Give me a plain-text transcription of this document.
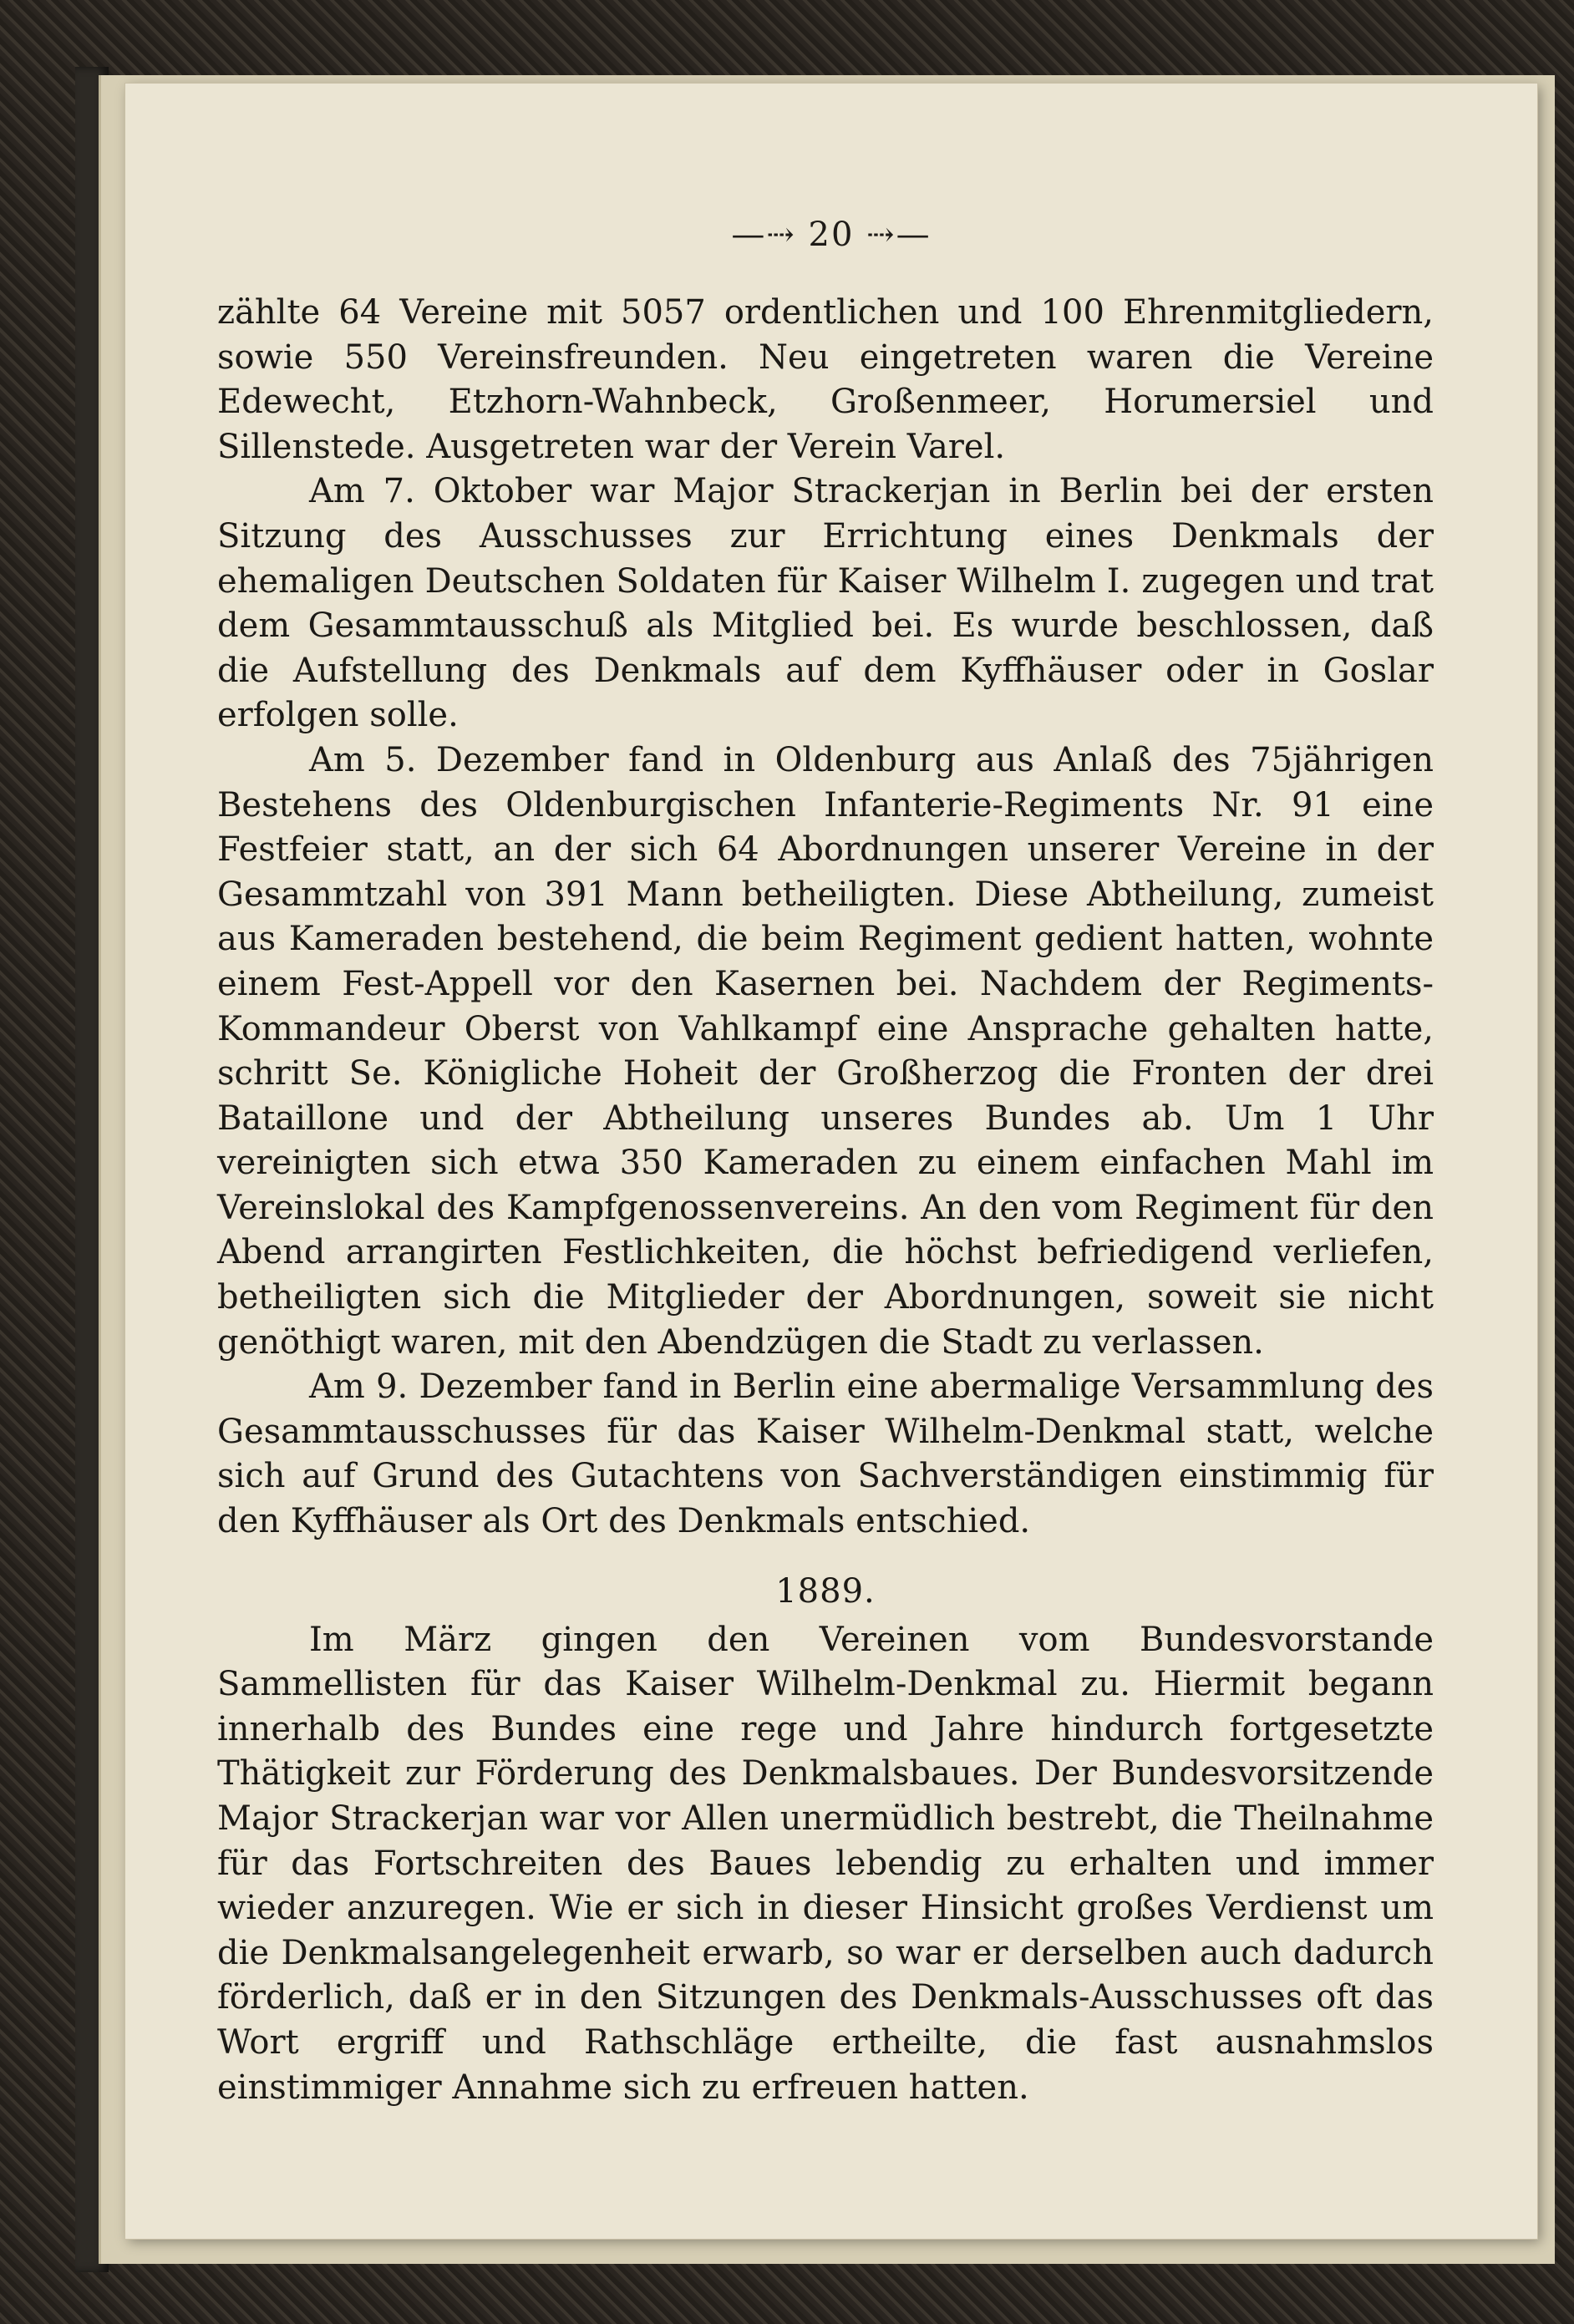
—⇢ 20 ⇢—

zählte 64 Vereine mit 5057 ordentlichen und 100 Ehrenmitgliedern, sowie 550 Vereinsfreunden. Neu eingetreten waren die Vereine Edewecht, Etzhorn-Wahnbeck, Großenmeer, Horumersiel und Sillenstede. Ausgetreten war der Verein Varel.

Am 7. Oktober war Major Strackerjan in Berlin bei der ersten Sitzung des Ausschusses zur Errichtung eines Denkmals der ehemaligen Deutschen Soldaten für Kaiser Wilhelm I. zugegen und trat dem Gesammtausschuß als Mitglied bei. Es wurde beschlossen, daß die Aufstellung des Denkmals auf dem Kyffhäuser oder in Goslar erfolgen solle.

Am 5. Dezember fand in Oldenburg aus Anlaß des 75jährigen Bestehens des Oldenburgischen Infanterie-Regiments Nr. 91 eine Festfeier statt, an der sich 64 Abordnungen unserer Vereine in der Gesammtzahl von 391 Mann betheiligten. Diese Abtheilung, zumeist aus Kameraden bestehend, die beim Regiment gedient hatten, wohnte einem Fest-Appell vor den Kasernen bei. Nachdem der Regiments-Kommandeur Oberst von Vahlkampf eine Ansprache gehalten hatte, schritt Se. Königliche Hoheit der Großherzog die Fronten der drei Bataillone und der Abtheilung unseres Bundes ab. Um 1 Uhr vereinigten sich etwa 350 Kameraden zu einem einfachen Mahl im Vereinslokal des Kampfgenossenvereins. An den vom Regiment für den Abend arrangirten Festlichkeiten, die höchst befriedigend verliefen, betheiligten sich die Mitglieder der Abordnungen, soweit sie nicht genöthigt waren, mit den Abendzügen die Stadt zu verlassen.

Am 9. Dezember fand in Berlin eine abermalige Versammlung des Gesammtausschusses für das Kaiser Wilhelm-Denkmal statt, welche sich auf Grund des Gutachtens von Sachverständigen einstimmig für den Kyffhäuser als Ort des Denkmals entschied.

1889.

Im März gingen den Vereinen vom Bundesvorstande Sammellisten für das Kaiser Wilhelm-Denkmal zu. Hiermit begann innerhalb des Bundes eine rege und Jahre hindurch fortgesetzte Thätigkeit zur Förderung des Denkmalsbaues. Der Bundesvorsitzende Major Strackerjan war vor Allen unermüdlich bestrebt, die Theilnahme für das Fortschreiten des Baues lebendig zu erhalten und immer wieder anzuregen. Wie er sich in dieser Hinsicht großes Verdienst um die Denkmalsangelegenheit erwarb, so war er derselben auch dadurch förderlich, daß er in den Sitzungen des Denkmals-Ausschusses oft das Wort ergriff und Rathschläge ertheilte, die fast ausnahmslos einstimmiger Annahme sich zu erfreuen hatten.
